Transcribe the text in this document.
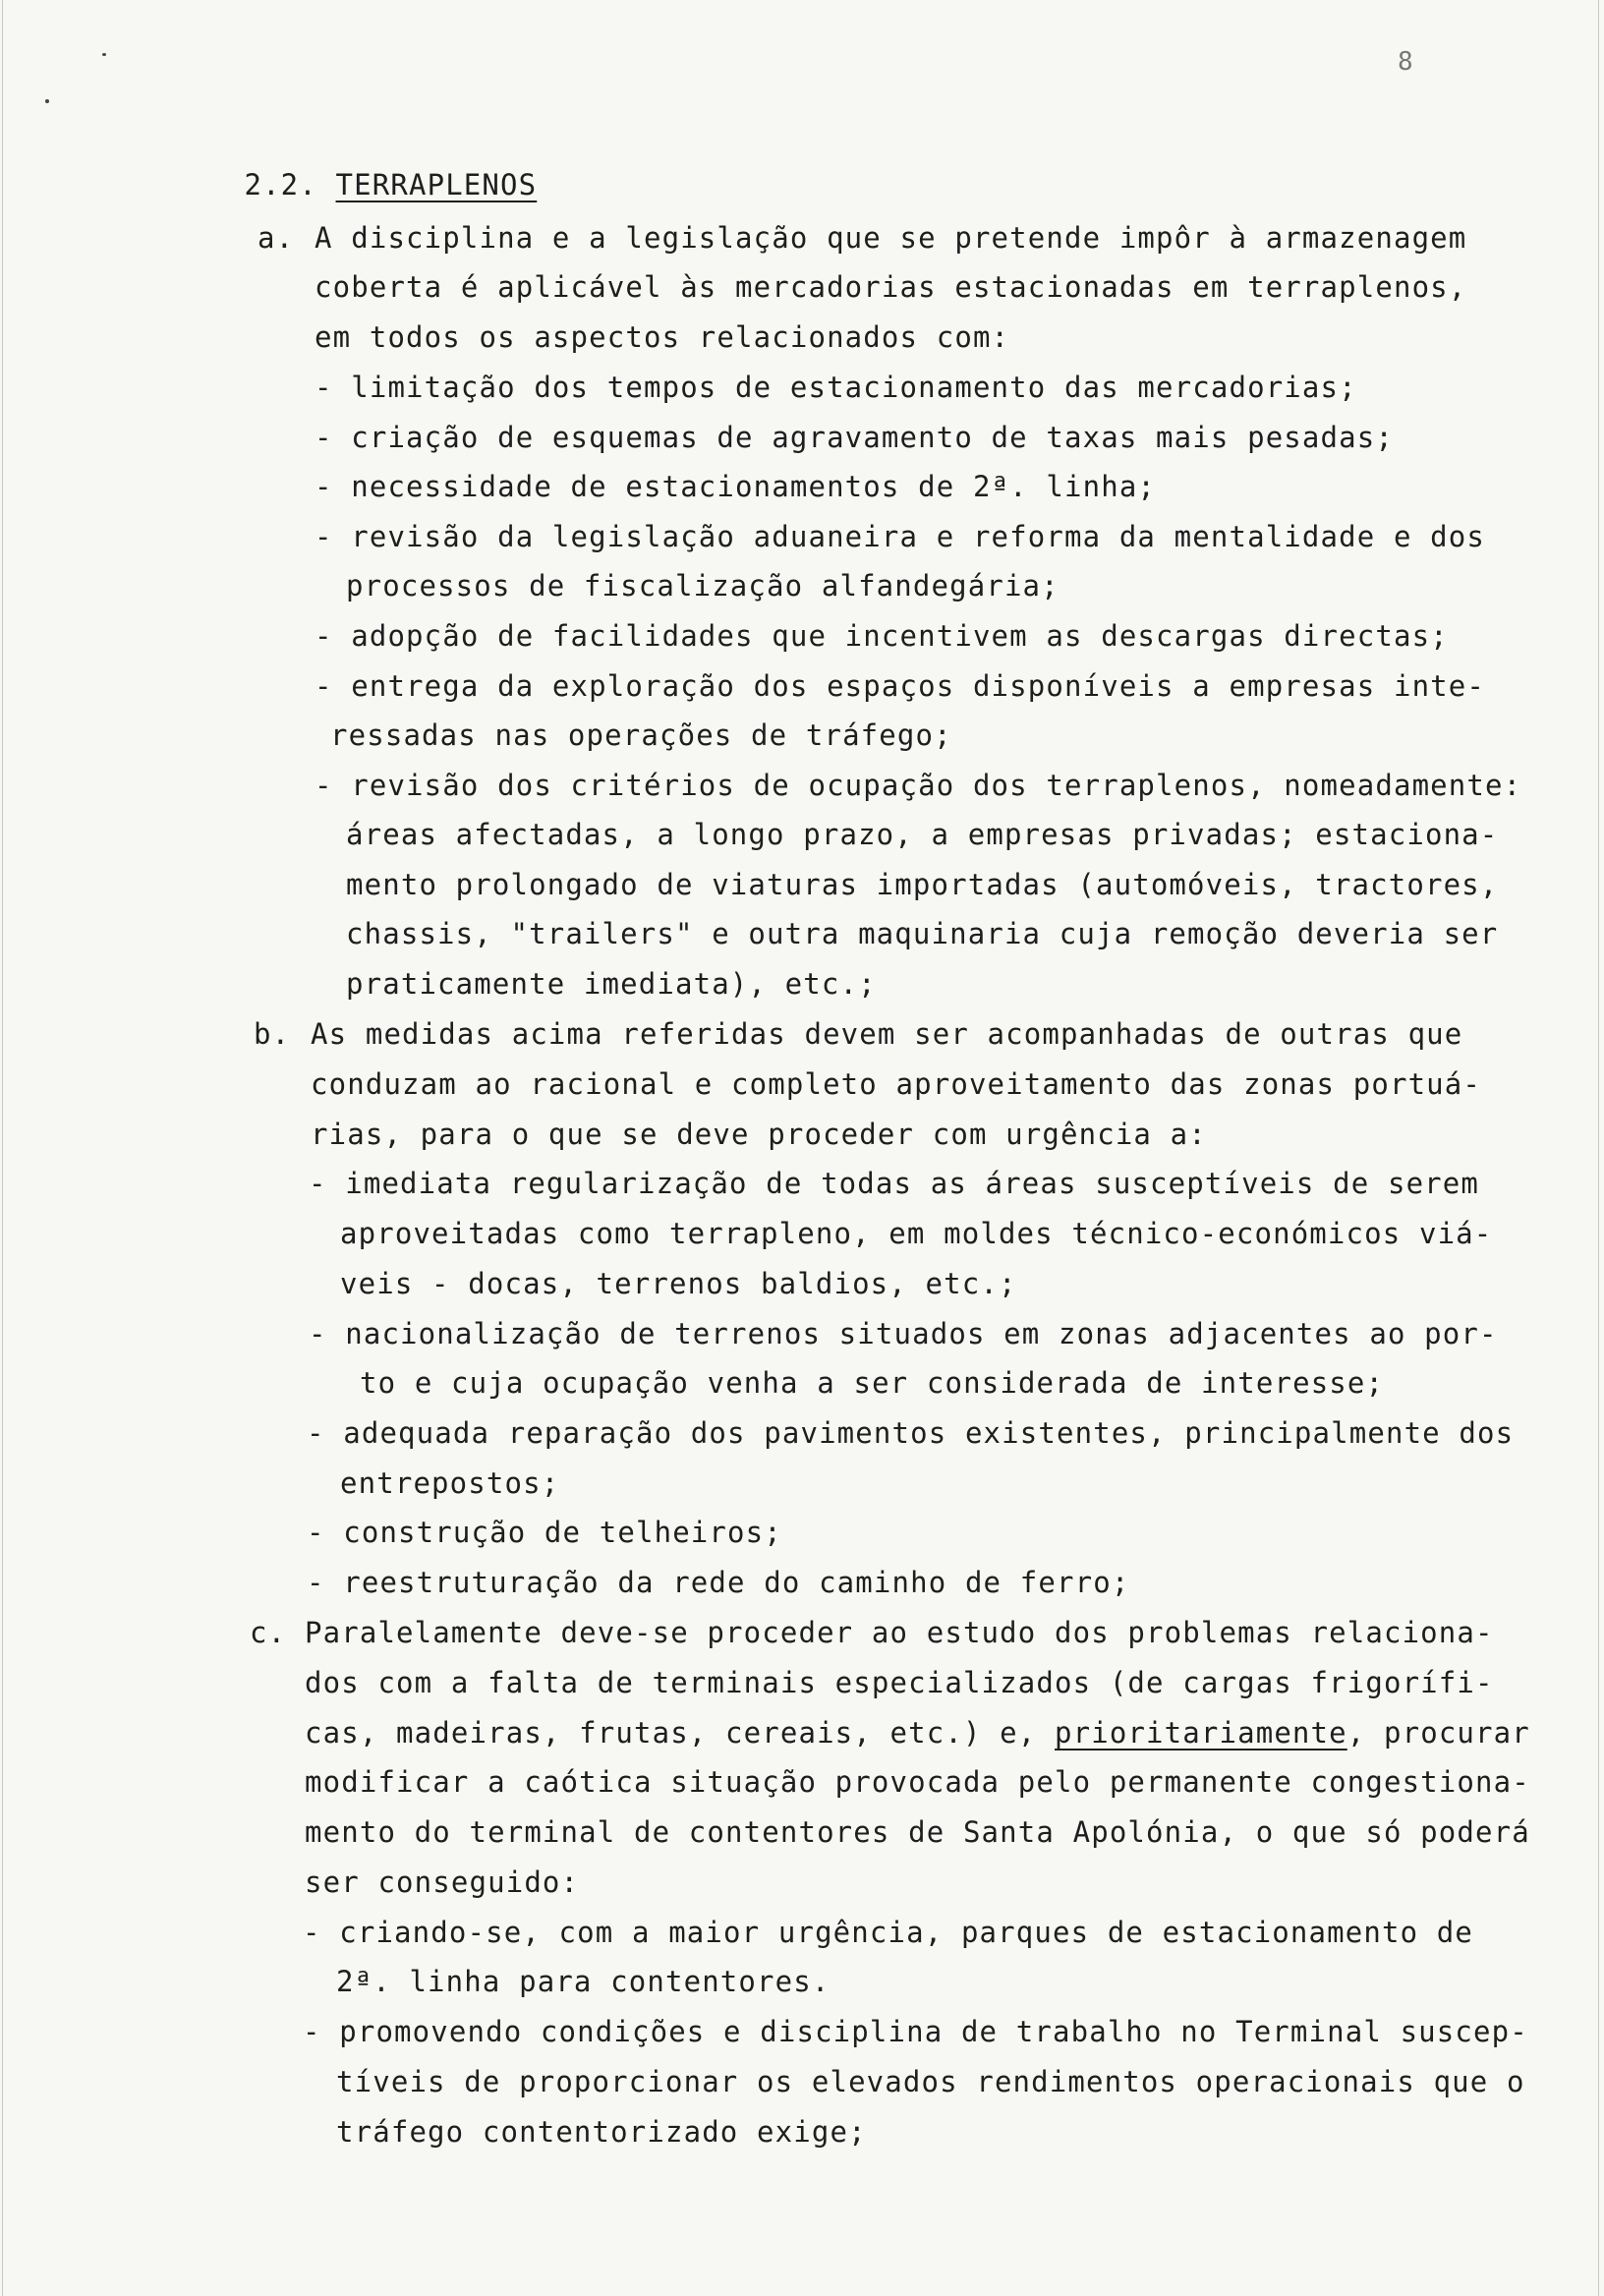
8

2.2. TERRAPLENOS

a. A disciplina e a legislação que se pretende impôr à armazenagem
coberta é aplicável às mercadorias estacionadas em terraplenos,
em todos os aspectos relacionados com:
- limitação dos tempos de estacionamento das mercadorias;
- criação de esquemas de agravamento de taxas mais pesadas;
- necessidade de estacionamentos de 2ª. linha;
- revisão da legislação aduaneira e reforma da mentalidade e dos
processos de fiscalização alfandegária;
- adopção de facilidades que incentivem as descargas directas;
- entrega da exploração dos espaços disponíveis a empresas inte-
ressadas nas operações de tráfego;
- revisão dos critérios de ocupação dos terraplenos, nomeadamente:
áreas afectadas, a longo prazo, a empresas privadas; estaciona-
mento prolongado de viaturas importadas (automóveis, tractores,
chassis, "trailers" e outra maquinaria cuja remoção deveria ser
praticamente imediata), etc.;
b. As medidas acima referidas devem ser acompanhadas de outras que
conduzam ao racional e completo aproveitamento das zonas portuá-
rias, para o que se deve proceder com urgência a:
- imediata regularização de todas as áreas susceptíveis de serem
aproveitadas como terrapleno, em moldes técnico-económicos viá-
veis - docas, terrenos baldios, etc.;
- nacionalização de terrenos situados em zonas adjacentes ao por-
to e cuja ocupação venha a ser considerada de interesse;
- adequada reparação dos pavimentos existentes, principalmente dos
entrepostos;
- construção de telheiros;
- reestruturação da rede do caminho de ferro;
c. Paralelamente deve-se proceder ao estudo dos problemas relaciona-
dos com a falta de terminais especializados (de cargas frigorífi-
cas, madeiras, frutas, cereais, etc.) e, prioritariamente, procurar
modificar a caótica situação provocada pelo permanente congestiona-
mento do terminal de contentores de Santa Apolónia, o que só poderá
ser conseguido:
- criando-se, com a maior urgência, parques de estacionamento de
2ª. linha para contentores.
- promovendo condições e disciplina de trabalho no Terminal suscep-
tíveis de proporcionar os elevados rendimentos operacionais que o
tráfego contentorizado exige;
